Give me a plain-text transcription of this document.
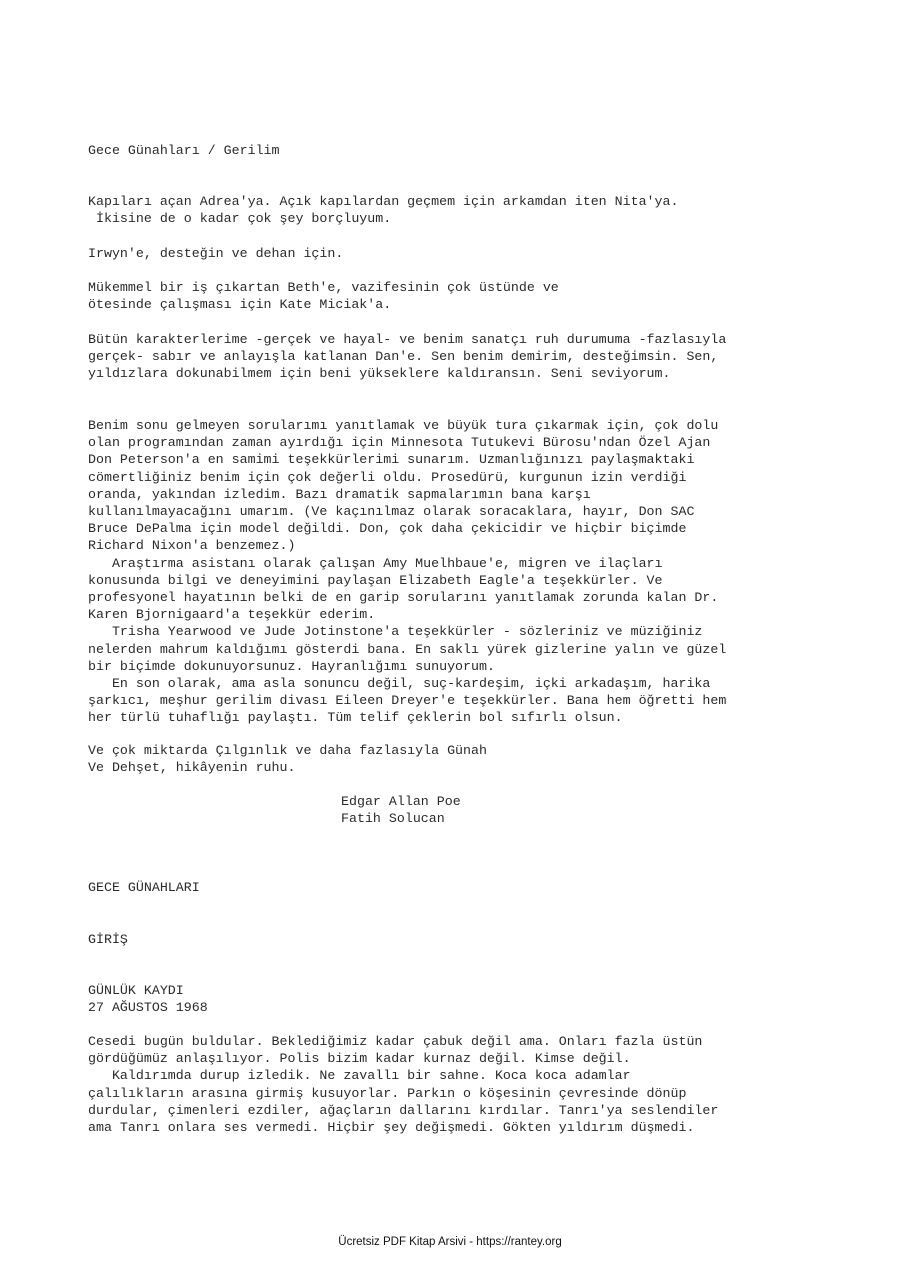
Gece Günahları / Gerilim

Kapıları açan Adrea'ya. Açık kapılardan geçmem için arkamdan iten Nita'ya.
İkisine de o kadar çok şey borçluyum.

Irwyn'e, desteğin ve dehan için.

Mükemmel bir iş çıkartan Beth'e, vazifesinin çok üstünde ve
ötesinde çalışması için Kate Miciak'a.

Bütün karakterlerime -gerçek ve hayal- ve benim sanatçı ruh durumuma -fazlasıyla
gerçek- sabır ve anlayışla katlanan Dan'e. Sen benim demirim, desteğimsin. Sen,
yıldızlara dokunabilmem için beni yükseklere kaldıransın. Seni seviyorum.

Benim sonu gelmeyen sorularımı yanıtlamak ve büyük tura çıkarmak için, çok dolu
olan programından zaman ayırdığı için Minnesota Tutukevi Bürosu'ndan Özel Ajan
Don Peterson'a en samimi teşekkürlerimi sunarım. Uzmanlığınızı paylaşmaktaki
cömertliğiniz benim için çok değerli oldu. Prosedürü, kurgunun izin verdiği
oranda, yakından izledim. Bazı dramatik sapmalarımın bana karşı
kullanılmayacağını umarım. (Ve kaçınılmaz olarak soracaklara, hayır, Don SAC
Bruce DePalma için model değildi. Don, çok daha çekicidir ve hiçbir biçimde
Richard Nixon'a benzemez.)
Araştırma asistanı olarak çalışan Amy Muelhbaue'e, migren ve ilaçları
konusunda bilgi ve deneyimini paylaşan Elizabeth Eagle'a teşekkürler. Ve
profesyonel hayatının belki de en garip sorularını yanıtlamak zorunda kalan Dr.
Karen Bjornigaard'a teşekkür ederim.
Trisha Yearwood ve Jude Jotinstone'a teşekkürler - sözleriniz ve müziğiniz
nelerden mahrum kaldığımı gösterdi bana. En saklı yürek gizlerine yalın ve güzel
bir biçimde dokunuyorsunuz. Hayranlığımı sunuyorum.
En son olarak, ama asla sonuncu değil, suç-kardeşim, içki arkadaşım, harika
şarkıcı, meşhur gerilim divası Eileen Dreyer'e teşekkürler. Bana hem öğretti hem
her türlü tuhaflığı paylaştı. Tüm telif çeklerin bol sıfırlı olsun.

Ve çok miktarda Çılgınlık ve daha fazlasıyla Günah
Ve Dehşet, hikâyenin ruhu.

Edgar Allan Poe

Fatih Solucan

GECE GÜNAHLARI

GİRİŞ

GÜNLÜK KAYDI

27 AĞUSTOS 1968

Cesedi bugün buldular. Beklediğimiz kadar çabuk değil ama. Onları fazla üstün
gördüğümüz anlaşılıyor. Polis bizim kadar kurnaz değil. Kimse değil.
Kaldırımda durup izledik. Ne zavallı bir sahne. Koca koca adamlar
çalılıkların arasına girmiş kusuyorlar. Parkın o köşesinin çevresinde dönüp
durdular, çimenleri ezdiler, ağaçların dallarını kırdılar. Tanrı'ya seslendiler
ama Tanrı onlara ses vermedi. Hiçbir şey değişmedi. Gökten yıldırım düşmedi.

Ücretsiz PDF Kitap Arsivi - https://rantey.org
